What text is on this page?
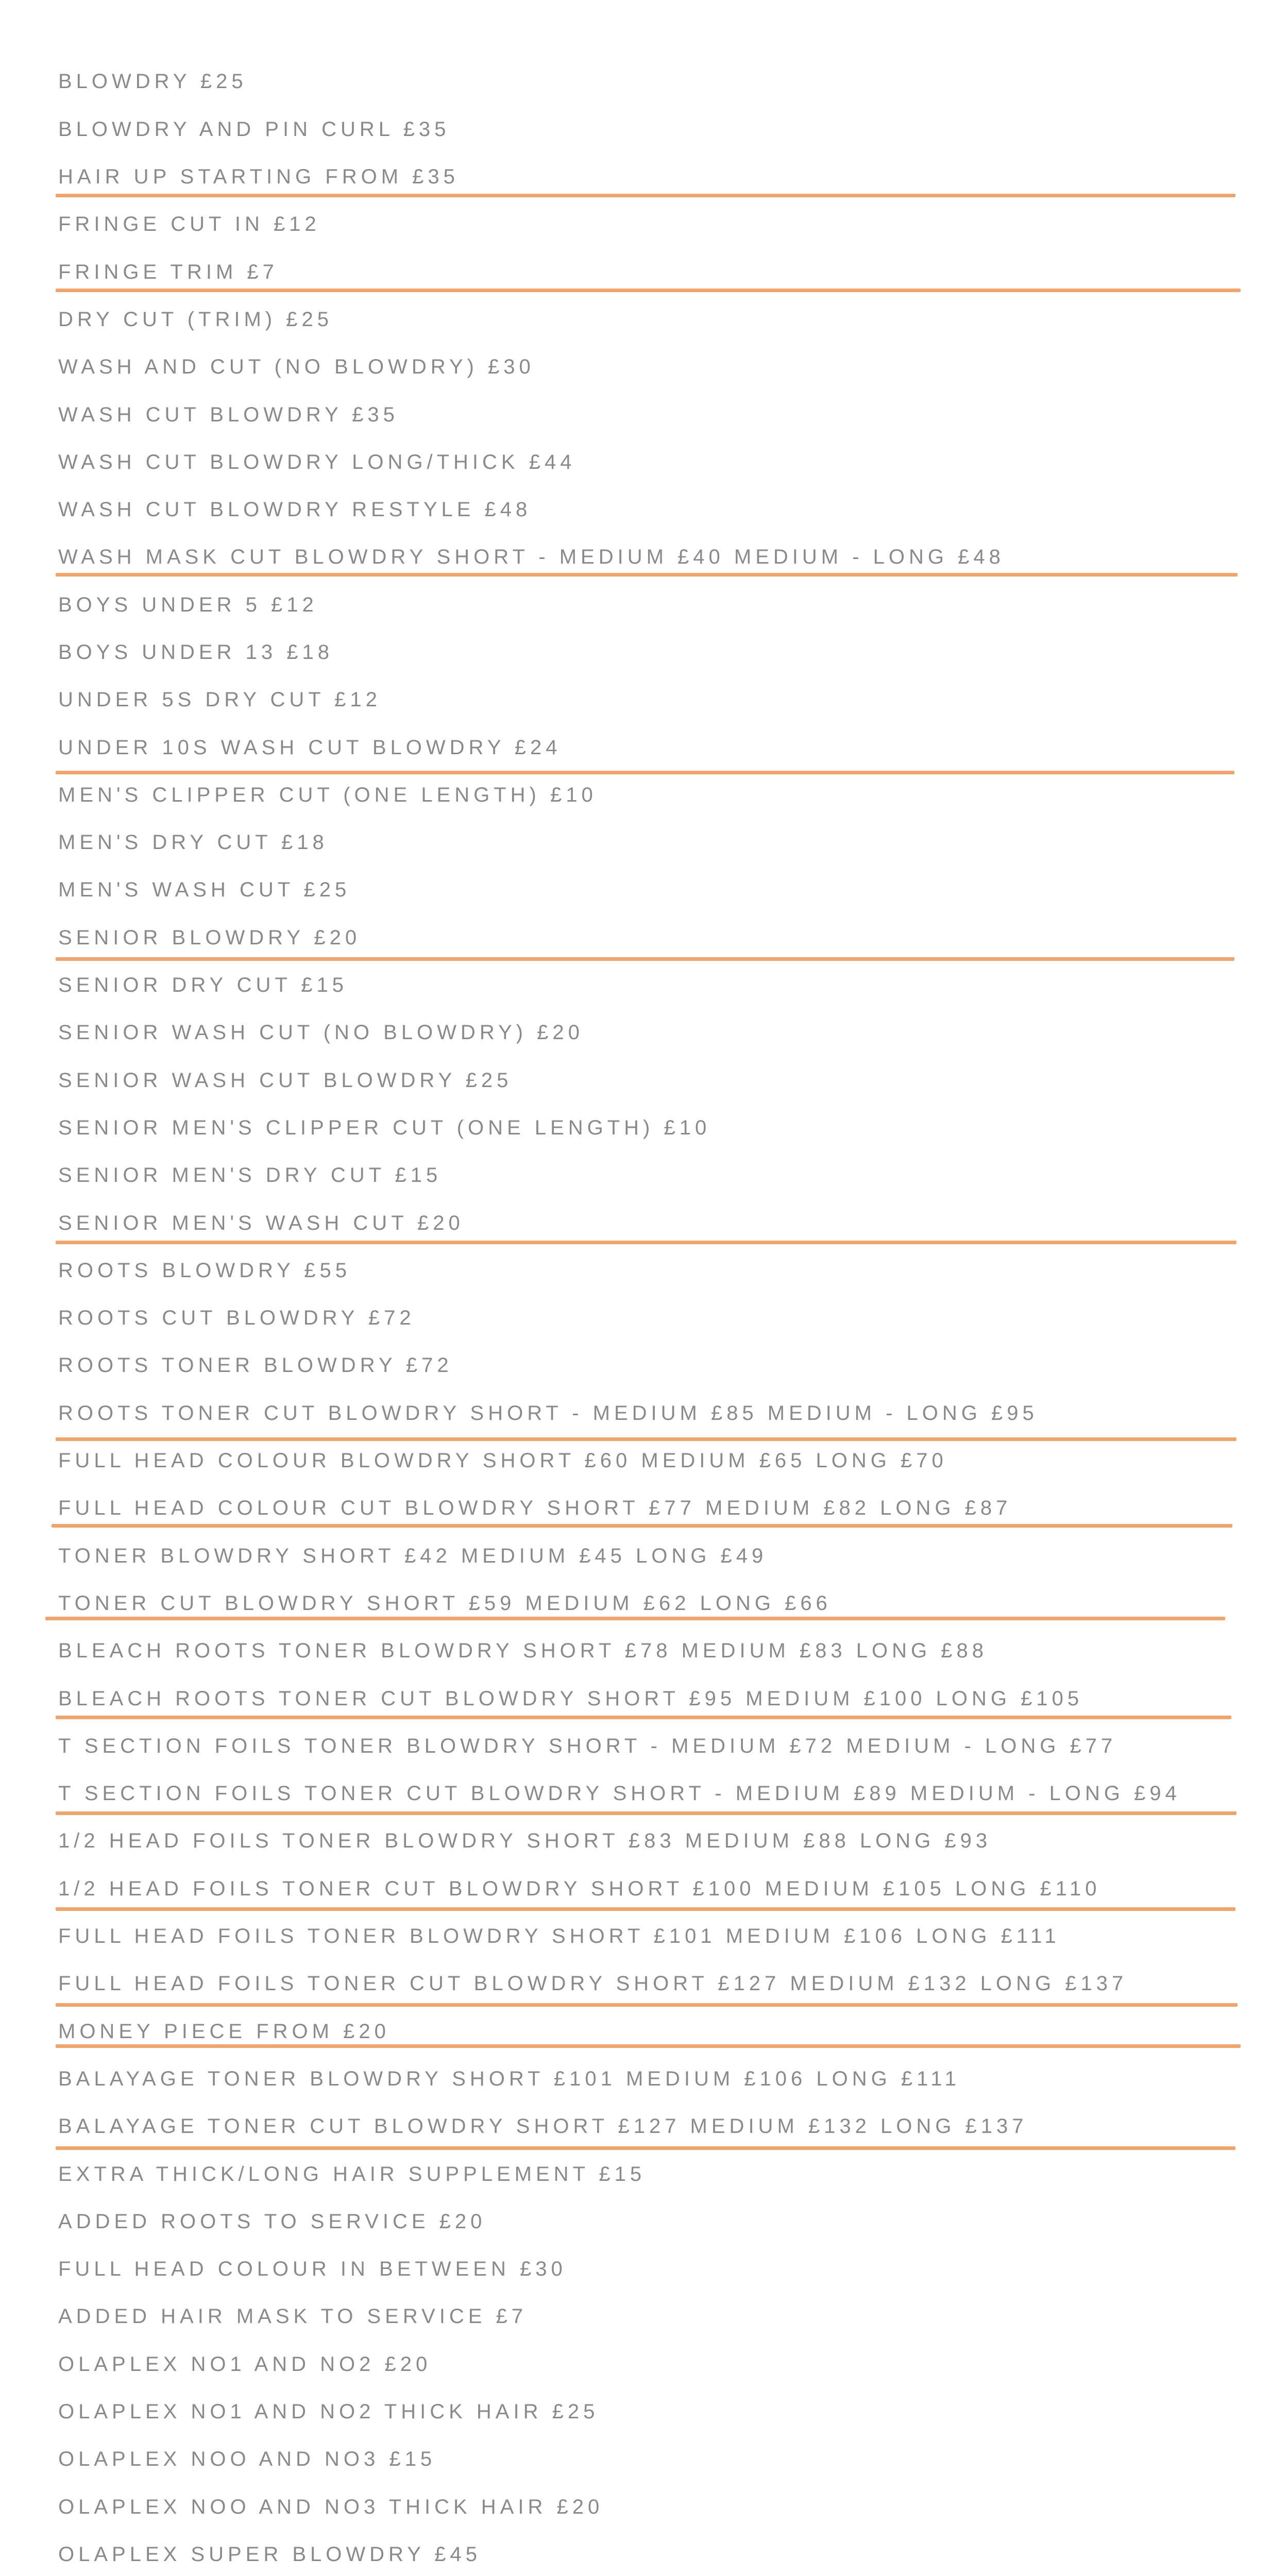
BLOWDRY £25
BLOWDRY AND PIN CURL £35
HAIR UP STARTING FROM £35
FRINGE CUT IN £12
FRINGE TRIM £7
DRY CUT (TRIM) £25
WASH AND CUT (NO BLOWDRY) £30
WASH CUT BLOWDRY £35
WASH CUT BLOWDRY LONG/THICK £44
WASH CUT BLOWDRY RESTYLE £48
WASH MASK CUT BLOWDRY SHORT - MEDIUM £40 MEDIUM - LONG £48
BOYS UNDER 5 £12
BOYS UNDER 13 £18
UNDER 5S DRY CUT £12
UNDER 10S WASH CUT BLOWDRY £24
MEN'S CLIPPER CUT (ONE LENGTH) £10
MEN'S DRY CUT £18
MEN'S WASH CUT £25
SENIOR BLOWDRY £20
SENIOR DRY CUT £15
SENIOR WASH CUT (NO BLOWDRY) £20
SENIOR WASH CUT BLOWDRY £25
SENIOR MEN'S CLIPPER CUT (ONE LENGTH) £10
SENIOR MEN'S DRY CUT £15
SENIOR MEN'S WASH CUT £20
ROOTS BLOWDRY £55
ROOTS CUT BLOWDRY £72
ROOTS TONER BLOWDRY £72
ROOTS TONER CUT BLOWDRY SHORT - MEDIUM £85 MEDIUM - LONG £95
FULL HEAD COLOUR BLOWDRY SHORT £60 MEDIUM £65 LONG £70
FULL HEAD COLOUR CUT BLOWDRY SHORT £77 MEDIUM £82 LONG £87
TONER BLOWDRY SHORT £42 MEDIUM £45 LONG £49
TONER CUT BLOWDRY SHORT £59 MEDIUM £62 LONG £66
BLEACH ROOTS TONER BLOWDRY SHORT £78 MEDIUM £83 LONG £88
BLEACH ROOTS TONER CUT BLOWDRY SHORT £95 MEDIUM £100 LONG £105
T SECTION FOILS TONER BLOWDRY SHORT - MEDIUM £72 MEDIUM - LONG £77
T SECTION FOILS TONER CUT BLOWDRY SHORT - MEDIUM £89 MEDIUM - LONG £94
1/2 HEAD FOILS TONER BLOWDRY SHORT £83 MEDIUM £88 LONG £93
1/2 HEAD FOILS TONER CUT BLOWDRY SHORT £100 MEDIUM £105 LONG £110
FULL HEAD FOILS TONER BLOWDRY SHORT £101 MEDIUM £106 LONG £111
FULL HEAD FOILS TONER CUT BLOWDRY SHORT £127 MEDIUM £132 LONG £137
MONEY PIECE FROM £20
BALAYAGE TONER BLOWDRY SHORT £101 MEDIUM £106 LONG £111
BALAYAGE TONER CUT BLOWDRY SHORT £127 MEDIUM £132 LONG £137
EXTRA THICK/LONG HAIR SUPPLEMENT £15
ADDED ROOTS TO SERVICE £20
FULL HEAD COLOUR IN BETWEEN £30
ADDED HAIR MASK TO SERVICE £7
OLAPLEX NO1 AND NO2 £20
OLAPLEX NO1 AND NO2 THICK HAIR £25
OLAPLEX NOO AND NO3 £15
OLAPLEX NOO AND NO3 THICK HAIR £20
OLAPLEX SUPER BLOWDRY £45
